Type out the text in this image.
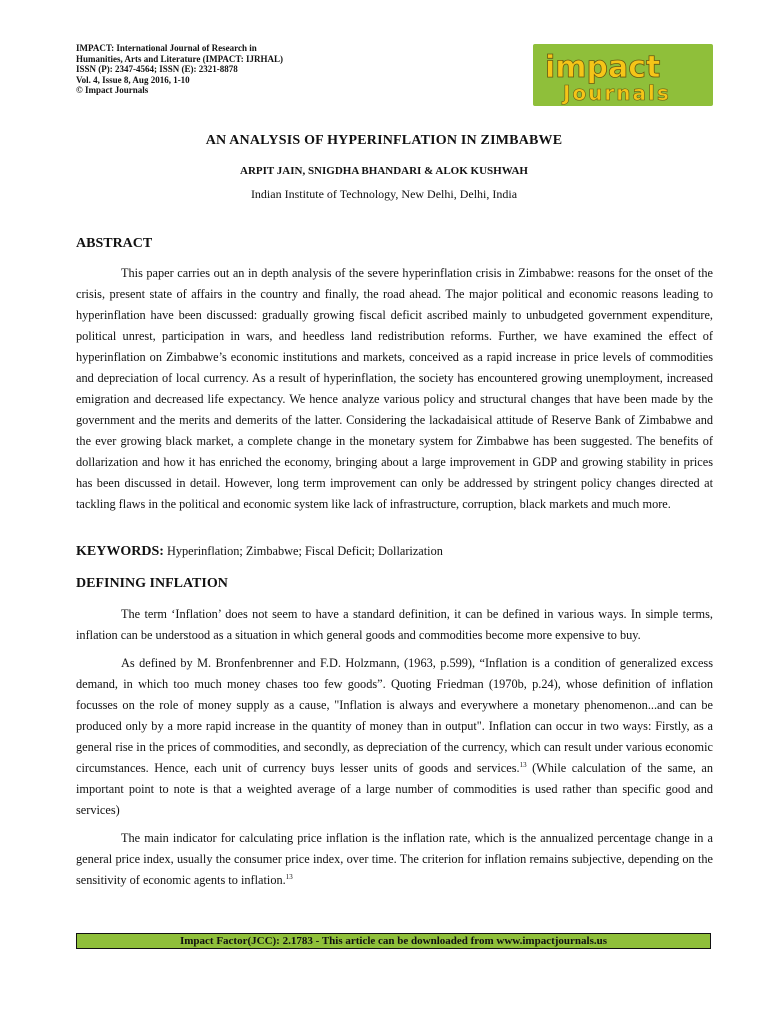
IMPACT: International Journal of Research in
Humanities, Arts and Literature (IMPACT: IJRHAL)
ISSN (P): 2347-4564; ISSN (E): 2321-8878
Vol. 4, Issue 8, Aug 2016, 1-10
© Impact Journals
impact
Journals
AN ANALYSIS OF HYPERINFLATION IN ZIMBABWE
ARPIT JAIN, SNIGDHA BHANDARI & ALOK KUSHWAH
Indian Institute of Technology, New Delhi, Delhi, India
ABSTRACT

This paper carries out an in depth analysis of the severe hyperinflation crisis in Zimbabwe: reasons for the onset of the crisis, present state of affairs in the country and finally, the road ahead. The major political and economic reasons leading to hyperinflation have been discussed: gradually growing fiscal deficit ascribed mainly to unbudgeted government expenditure, political unrest, participation in wars, and heedless land redistribution reforms. Further, we have examined the effect of hyperinflation on Zimbabwe’s economic institutions and markets, conceived as a rapid increase in price levels of commodities and depreciation of local currency. As a result of hyperinflation, the society has encountered growing unemployment, increased emigration and decreased life expectancy. We hence analyze various policy and structural changes that have been made by the government and the merits and demerits of the latter. Considering the lackadaisical attitude of Reserve Bank of Zimbabwe and the ever growing black market, a complete change in the monetary system for Zimbabwe has been suggested. The benefits of dollarization and how it has enriched the economy, bringing about a large improvement in GDP and growing stability in prices has been discussed in detail. However, long term improvement can only be addressed by stringent policy changes directed at tackling flaws in the political and economic system like lack of infrastructure, corruption, black markets and much more.

KEYWORDS: Hyperinflation; Zimbabwe; Fiscal Deficit; Dollarization
DEFINING INFLATION

The term ‘Inflation’ does not seem to have a standard definition, it can be defined in various ways. In simple terms, inflation can be understood as a situation in which general goods and commodities become more expensive to buy.

As defined by M. Bronfenbrenner and F.D. Holzmann, (1963, p.599), “Inflation is a condition of generalized excess demand, in which too much money chases too few goods”. Quoting Friedman (1970b, p.24), whose definition of inflation focusses on the role of money supply as a cause, "Inflation is always and everywhere a monetary phenomenon...and can be produced only by a more rapid increase in the quantity of money than in output". Inflation can occur in two ways: Firstly, as a general rise in the prices of commodities, and secondly, as depreciation of the currency, which can result under various economic circumstances. Hence, each unit of currency buys lesser units of goods and services.$^{13}$ (While calculation of the same, an important point to note is that a weighted average of a large number of commodities is used rather than specific good and services)

The main indicator for calculating price inflation is the inflation rate, which is the annualized percentage change in a general price index, usually the consumer price index, over time. The criterion for inflation remains subjective, depending on the sensitivity of economic agents to inflation.$^{13}$

Impact Factor(JCC): 2.1783 - This article can be downloaded from www.impactjournals.us
